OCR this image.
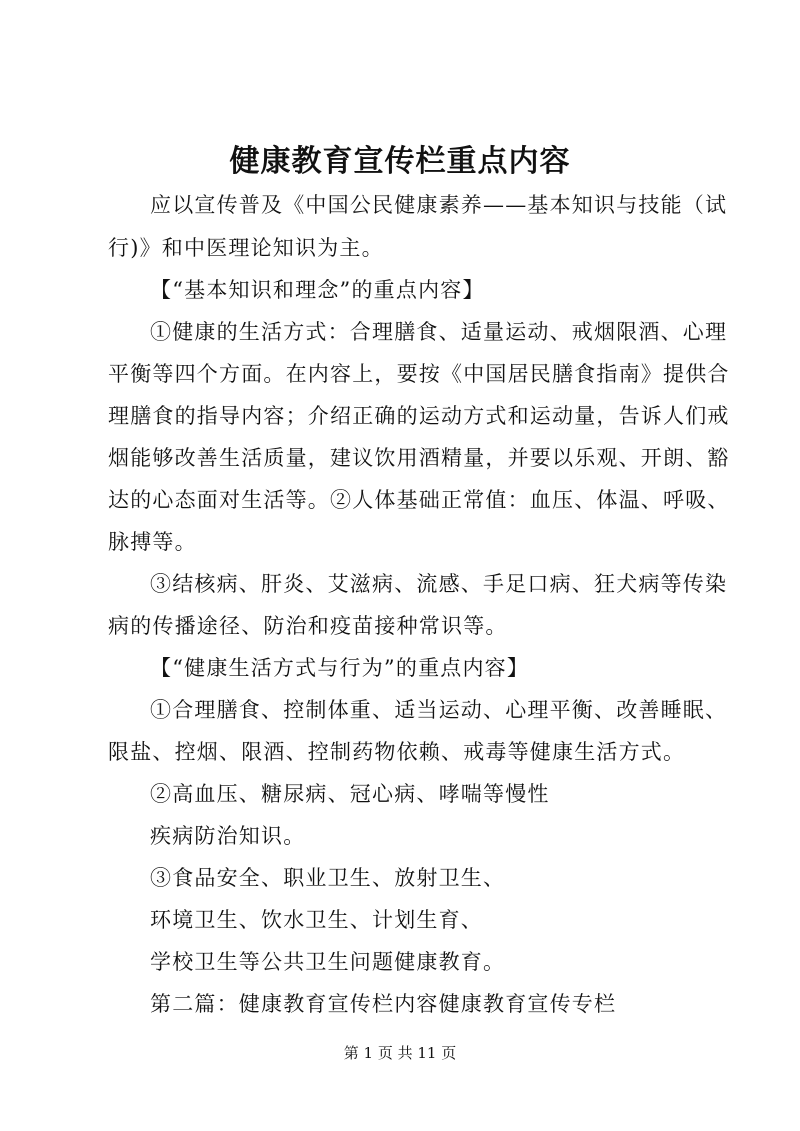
健康教育宣传栏重点内容
应以宣传普及《中国公民健康素养——基本知识与技能（试
行)》和中医理论知识为主。
【“基本知识和理念”的重点内容】
①健康的生活方式：合理膳食、适量运动、戒烟限酒、心理
平衡等四个方面。在内容上，要按《中国居民膳食指南》提供合
理膳食的指导内容；介绍正确的运动方式和运动量，告诉人们戒
烟能够改善生活质量，建议饮用酒精量，并要以乐观、开朗、豁
达的心态面对生活等。②人体基础正常值：血压、体温、呼吸、
脉搏等。
③结核病、肝炎、艾滋病、流感、手足口病、狂犬病等传染
病的传播途径、防治和疫苗接种常识等。
【“健康生活方式与行为”的重点内容】
①合理膳食、控制体重、适当运动、心理平衡、改善睡眠、
限盐、控烟、限酒、控制药物依赖、戒毒等健康生活方式。
②高血压、糖尿病、冠心病、哮喘等慢性
疾病防治知识。
③食品安全、职业卫生、放射卫生、
环境卫生、饮水卫生、计划生育、
学校卫生等公共卫生问题健康教育。
第二篇：健康教育宣传栏内容健康教育宣传专栏
第 1 页 共 11 页
